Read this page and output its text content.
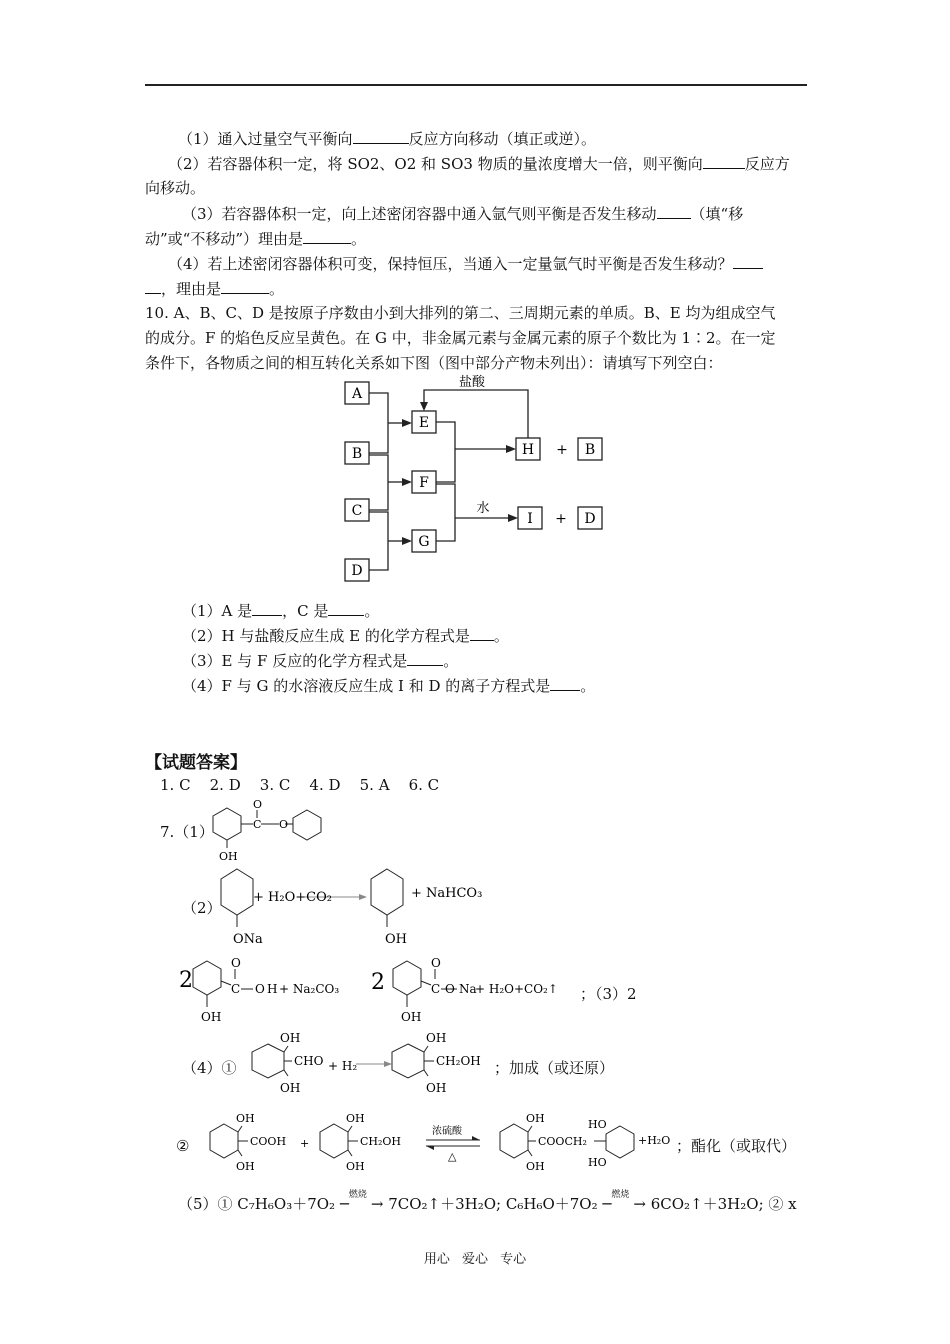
（1）通入过量空气平衡向	反应方向移动（填正或逆）。
（2）若容器体积一定，将 SO2、O2 和 SO3 物质的量浓度增大一倍，则平衡向	反应方
向移动。
（3）若容器体积一定，向上述密闭容器中通入氩气则平衡是否发生移动 （填“移
动”或“不移动”）理由是	。
（4）若上述密闭容器体积可变，保持恒压，当通入一定量氩气时平衡是否发生移动？
，理由是	。
10. A、B、C、D 是按原子序数由小到大排列的第二、三周期元素的单质。B、E 均为组成空气
的成分。F 的焰色反应呈黄色。在 G 中，非金属元素与金属元素的原子个数比为 1∶2。在一定
条件下，各物质之间的相互转化关系如下图（图中部分产物未列出）：请填写下列空白：
A
B
C
D
E
F
G
H	B
I	D
+
+
盐酸
水
（1）A 是 ，C 是 。
（2）H 与盐酸反应生成 E 的化学方程式是 。
（3）E 与 F 反应的化学方程式是 。
（4）F 与 G 的水溶液反应生成 I 和 D 的离子方程式是 。
【试题答案】
1. C    2. D    3. C    4. D    5. A    6. C
7.（1）
O
C O
OH
（2）
+ H₂O+CO₂
ONa
+ NaHCO₃
OH
2
O
C O H + Na₂CO₃ 2
OH
O
C O Na
+ H₂O+CO₂↑
OH
；（3）2
（4）①
OH
CHO + H₂
OH
OH
CH₂OH
OH
；加成（或还原）
②
OH
COOH
OH
+
OH
CH₂OH
OH
浓硫酸
△
OH
COOCH₂
OH
HO
HO
+H₂O ；酯化（或取代）
（5）① C₇H₆O₃＋7O₂ ─ 燃烧 → 7CO₂↑＋3H₂O; C₆H₆O＋7O₂ ─ 燃烧 → 6CO₂↑＋3H₂O; ② x
用心 爱心 专心
